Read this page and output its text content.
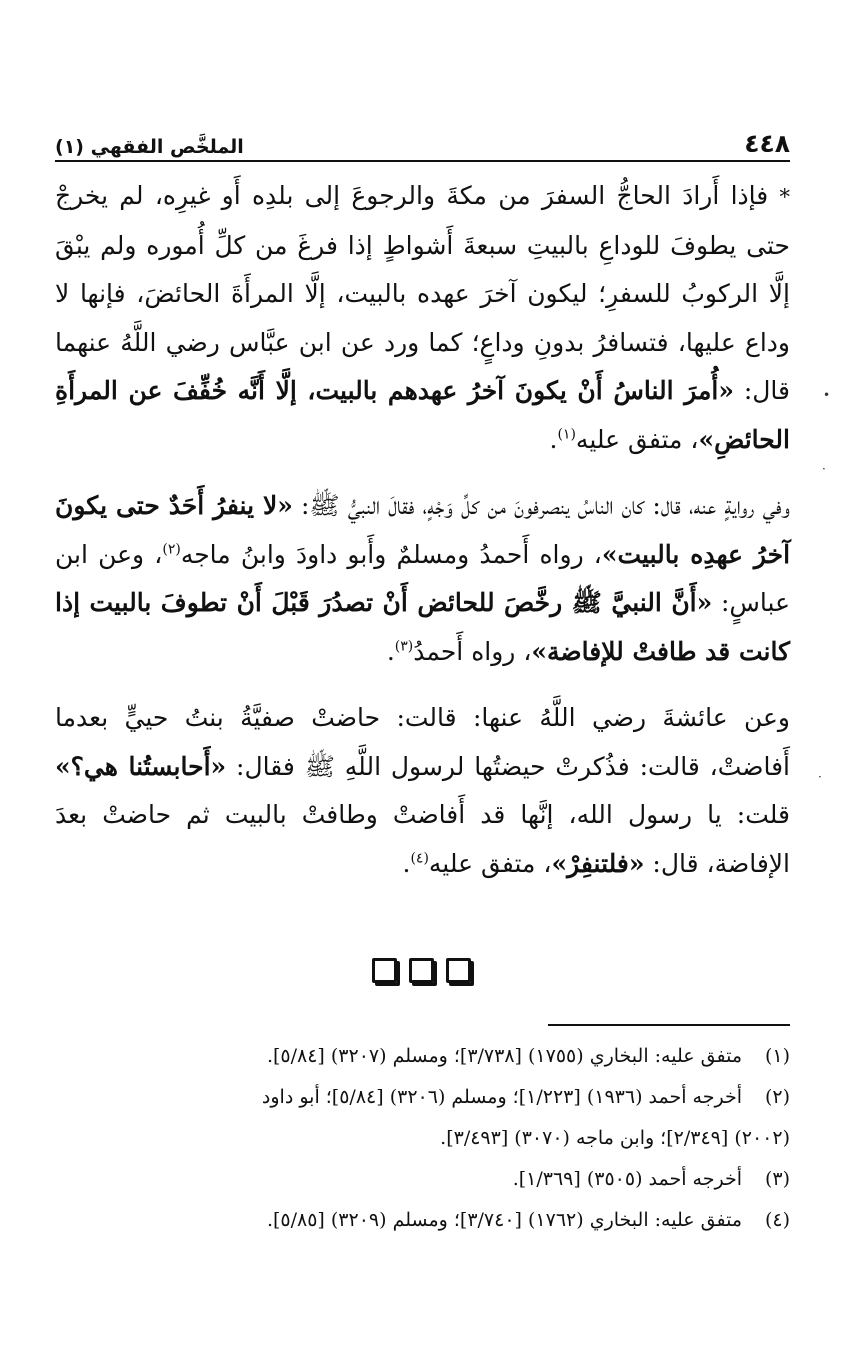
الملخَّص الفقهي (١)	٤٤٨

* فإذا أَرادَ الحاجُّ السفرَ من مكةَ والرجوعَ إلى بلدِه أَو غيرِه، لم يخرجْ حتى يطوفَ للوداعِ بالبيتِ سبعةَ أَشواطٍ إذا فرغَ من كلِّ أُموره ولم يبْقَ إلَّا الركوبُ للسفرِ؛ ليكون آخرَ عهده بالبيت، إلَّا المرأَةَ الحائضَ، فإنها لا وداع عليها، فتسافرُ بدونِ وداعٍ؛ كما ورد عن ابن عبَّاس رضي اللَّهُ عنهما قال: «أُمرَ الناسُ أَنْ يكونَ آخرُ عهدهم بالبيت، إلَّا أَنَّه خُفِّفَ عن المرأَةِ الحائضِ»، متفق عليه$^{(١)}$.

وفي روايةٍ عنه، قال: كان الناسُ ينصرفونَ من كلِّ وَجْهٍ، فقالَ النبيُّ ﷺ: «لا ينفرُ أَحَدٌ حتى يكونَ آخرُ عهدِه بالبيت»، رواه أَحمدُ ومسلمٌ وأَبو داودَ وابنُ ماجه$^{(٢)}$، وعن ابن عباسٍ: «أَنَّ النبيَّ ﷺ رخَّصَ للحائض أَنْ تصدُرَ قَبْلَ أَنْ تطوفَ بالبيت إذا كانت قد طافتْ للإفاضة»، رواه أَحمدُ$^{(٣)}$.

وعن عائشةَ رضي اللَّهُ عنها: قالت: حاضتْ صفيَّةُ بنتُ حييٍّ بعدما أَفاضتْ، قالت: فذُكرتْ حيضتُها لرسول اللَّهِ ﷺ فقال: «أَحابستُنا هي؟» قلت: يا رسول الله، إنَّها قد أَفاضتْ وطافتْ بالبيت ثم حاضتْ بعدَ الإفاضة، قال: «فلتنفِرْ»، متفق عليه$^{(٤)}$.

(١)
متفق عليه: البخاري (١٧٥٥) [٣/٧٣٨]؛ ومسلم (٣٢٠٧) [٥/٨٤].
(٢)
أخرجه أحمد (١٩٣٦) [١/٢٢٣]؛ ومسلم (٣٢٠٦) [٥/٨٤]؛ أبو داود
(٢٠٠٢) [٢/٣٤٩]؛ وابن ماجه (٣٠٧٠) [٣/٤٩٣].
(٣)
أخرجه أحمد (٣٥٠٥) [١/٣٦٩].
(٤)
متفق عليه: البخاري (١٧٦٢) [٣/٧٤٠]؛ ومسلم (٣٢٠٩) [٥/٨٥].
•
·
·
